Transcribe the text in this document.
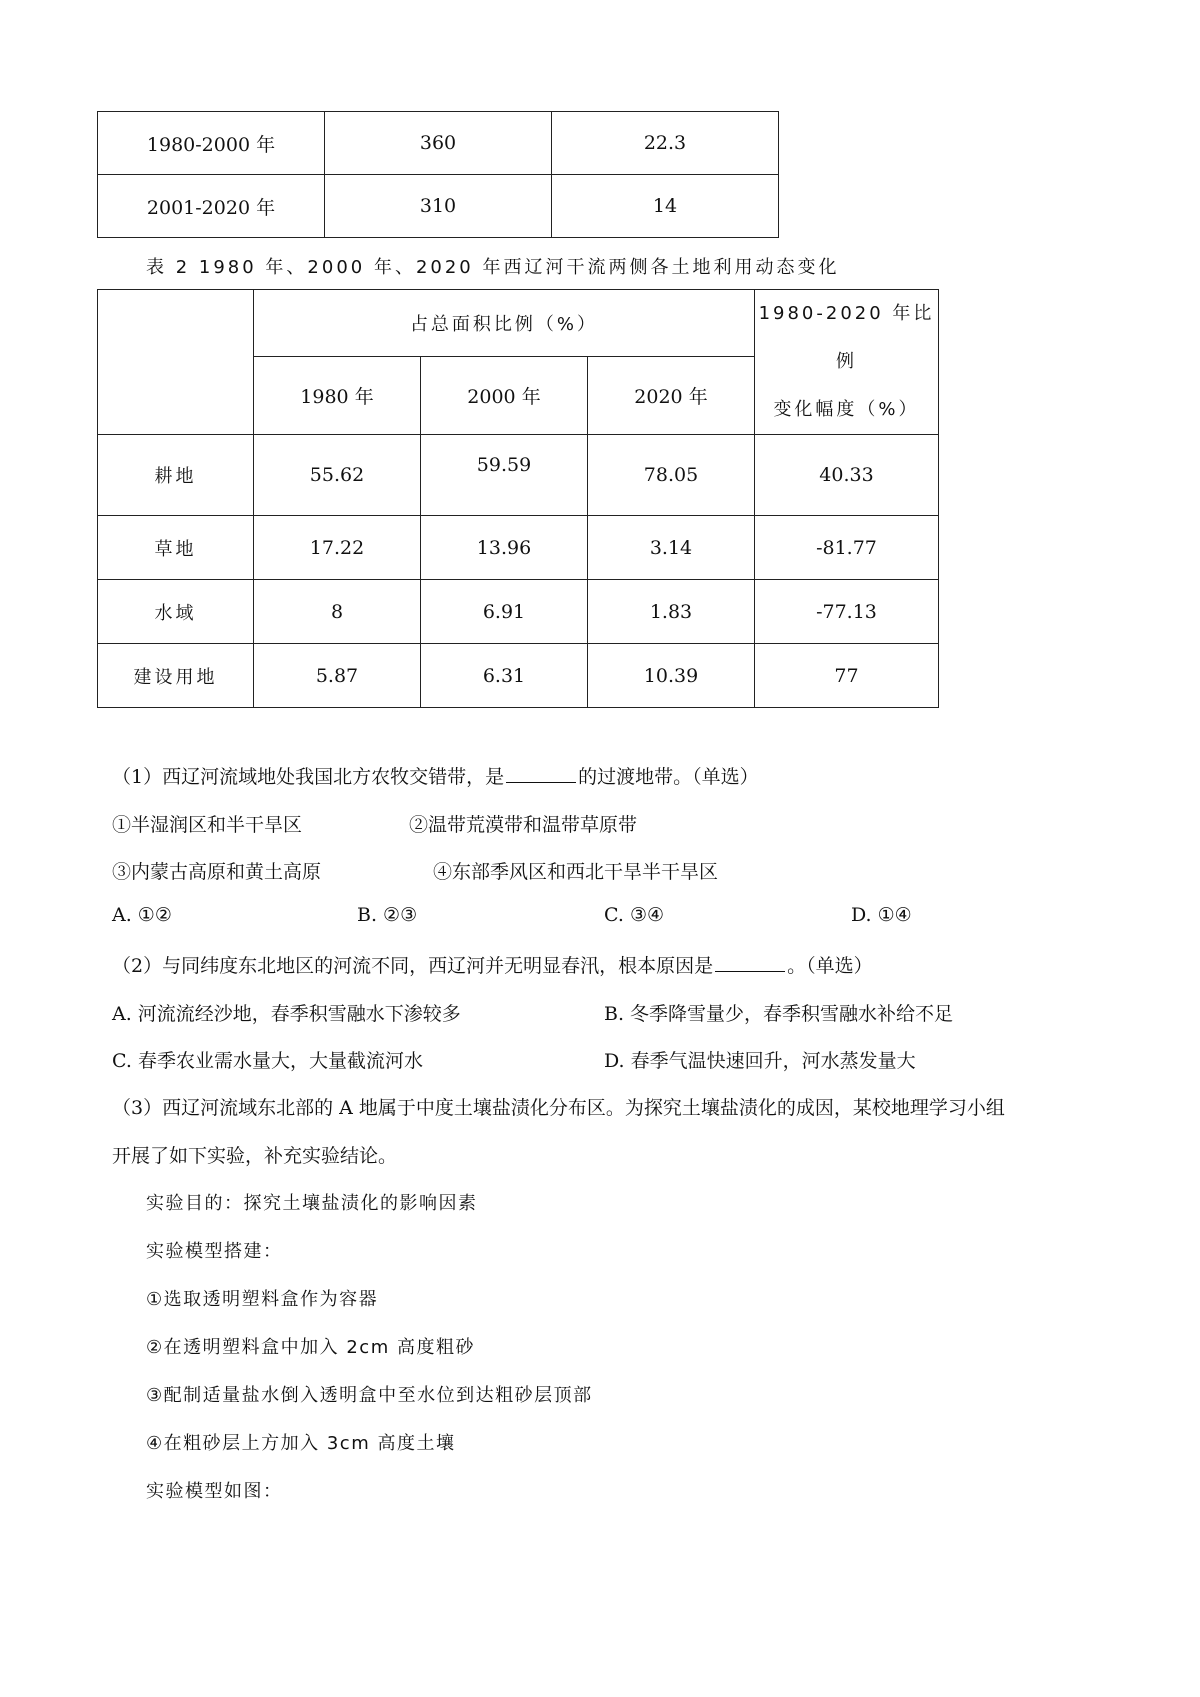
1980-2000 年	360	22.3
2001-2020 年	310	14
表 2 1980 年、2000 年、2020 年西辽河干流两侧各土地利用动态变化
	占总面积比例（%）			1980-2020 年比例
变化幅度（%）

	1980 年	2000 年	2020 年	
耕地	55.62	59.59	78.05	40.33
草地	17.22	13.96	3.14	-81.77
水域	8	6.91	1.83	-77.13
建设用地	5.87	6.31	10.39	77
（1）西辽河流域地处我国北方农牧交错带，是	的过渡地带。（单选）
①半湿润区和半干旱区	②温带荒漠带和温带草原带
③内蒙古高原和黄土高原	④东部季风区和西北干旱半干旱区
A. ①②	B. ②③	C. ③④	D. ①④
（2）与同纬度东北地区的河流不同，西辽河并无明显春汛，根本原因是	。（单选）
A. 河流流经沙地，春季积雪融水下渗较多	B. 冬季降雪量少，春季积雪融水补给不足
C. 春季农业需水量大，大量截流河水	D. 春季气温快速回升，河水蒸发量大
（3）西辽河流域东北部的 A 地属于中度土壤盐渍化分布区。为探究土壤盐渍化的成因，某校地理学习小组
开展了如下实验，补充实验结论。
实验目的：探究土壤盐渍化的影响因素
实验模型搭建：
①选取透明塑料盒作为容器
②在透明塑料盒中加入 2cm 高度粗砂
③配制适量盐水倒入透明盒中至水位到达粗砂层顶部
④在粗砂层上方加入 3cm 高度土壤
实验模型如图：
